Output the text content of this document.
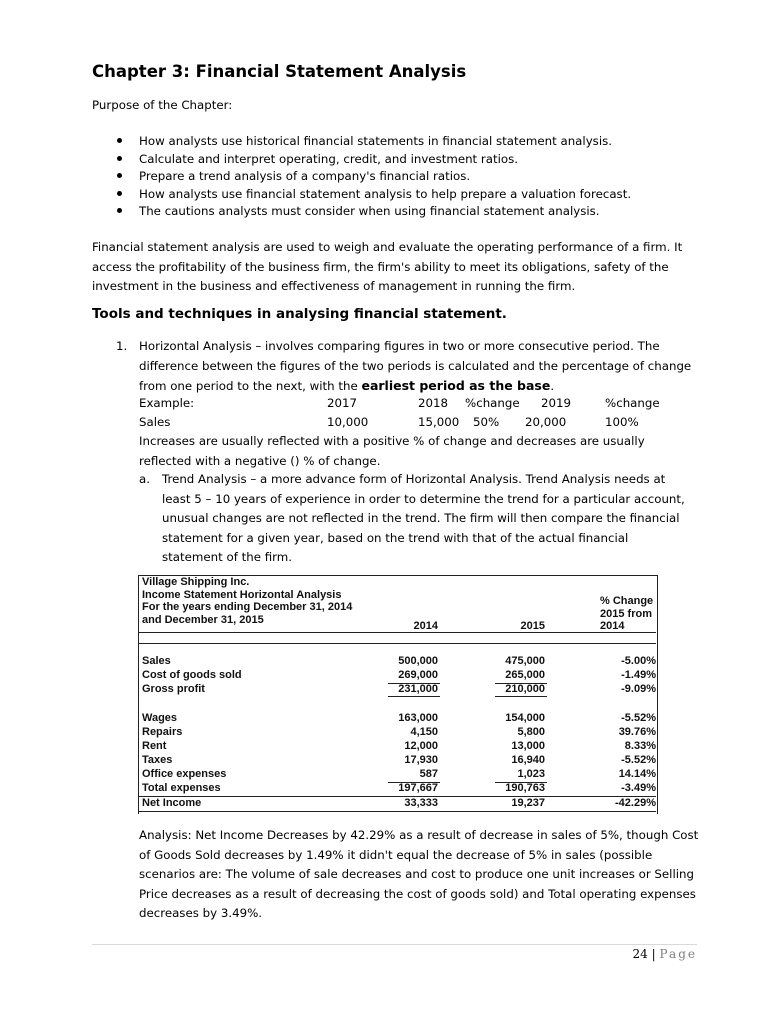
Chapter 3: Financial Statement Analysis
Purpose of the Chapter:
How analysts use historical financial statements in financial statement analysis.
Calculate and interpret operating, credit, and investment ratios.
Prepare a trend analysis of a company's financial ratios.
How analysts use financial statement analysis to help prepare a valuation forecast.
The cautions analysts must consider when using financial statement analysis.

Financial statement analysis are used to weigh and evaluate the operating performance of a firm. It access the profitability of the business firm, the firm's ability to meet its obligations, safety of the investment in the business and effectiveness of management in running the firm.

Tools and techniques in analysing financial statement.
1. Horizontal Analysis – involves comparing figures in two or more consecutive period. The difference between the figures of the two periods is calculated and the percentage of change from one period to the next, with the earliest period as the base.

Example:	2017	2018 %change 2019	%change
Sales	10,000	15,000 50% 20,000	100%

Increases are usually reflected with a positive % of change and decreases are usually reflected with a negative () % of change.

a. Trend Analysis – a more advance form of Horizontal Analysis. Trend Analysis needs at least 5 – 10 years of experience in order to determine the trend for a particular account, unusual changes are not reflected in the trend. The firm will then compare the financial statement for a given year, based on the trend with that of the actual financial statement of the firm.

Village Shipping Inc.
Income Statement Horizontal Analysis
For the years ending December 31, 2014
and December 31, 2015
2014	2015
% Change
2015 from
2014
Sales	500,000	475,000	-5.00%
Cost of goods sold	269,000	265,000	-1.49%
Gross profit	231,000	210,000	-9.09%
Wages	163,000	154,000	-5.52%
Repairs	4,150	5,800	39.76%
Rent	12,000	13,000	8.33%
Taxes	17,930	16,940	-5.52%
Office expenses	587	1,023	14.14%
Total expenses	197,667	190,763	-3.49%
Net Income	33,333	19,237	-42.29%

Analysis: Net Income Decreases by 42.29% as a result of decrease in sales of 5%, though Cost of Goods Sold decreases by 1.49% it didn't equal the decrease of 5% in sales (possible scenarios are: The volume of sale decreases and cost to produce one unit increases or Selling Price decreases as a result of decreasing the cost of goods sold) and Total operating expenses decreases by 3.49%.

24 | Page
